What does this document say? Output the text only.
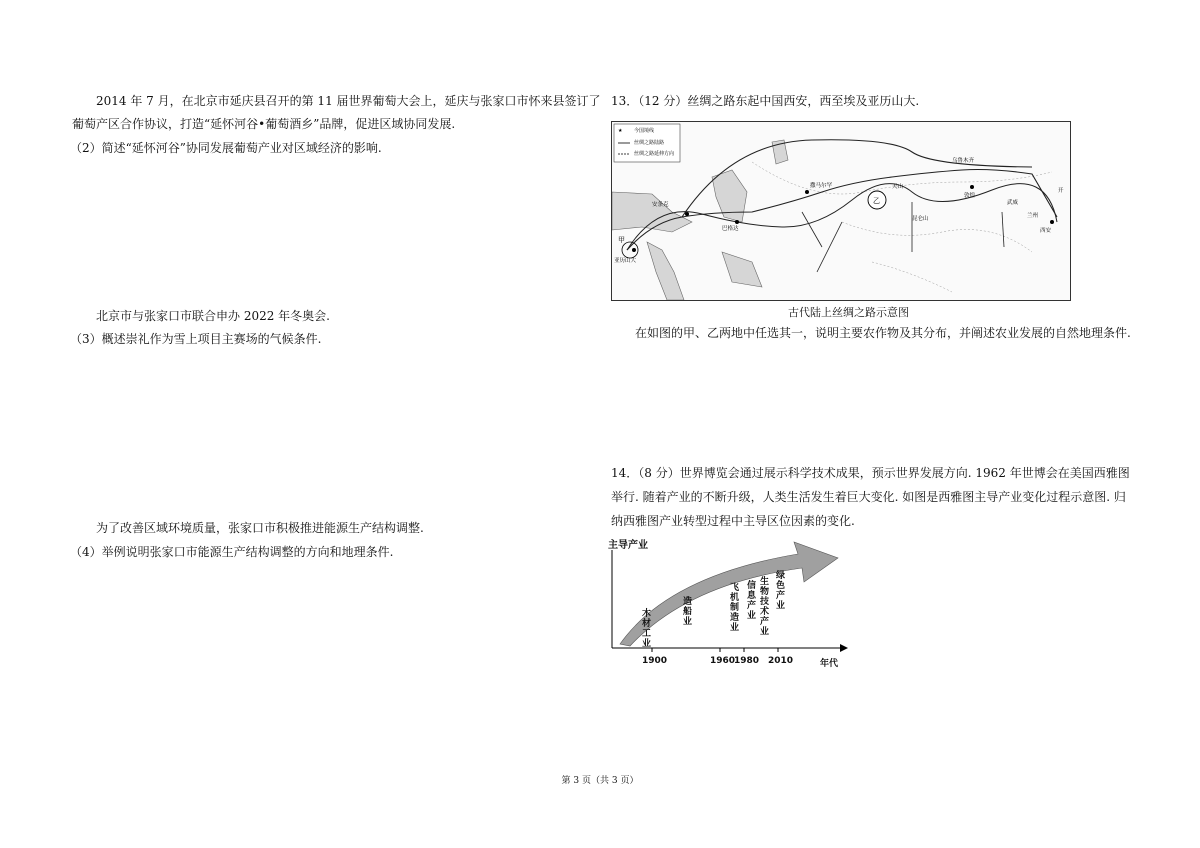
2014 年 7 月，在北京市延庆县召开的第 11 届世界葡萄大会上，延庆与张家口市怀来县签订了
葡萄产区合作协议，打造“延怀河谷•葡萄酒乡”品牌，促进区域协同发展.
（2）简述“延怀河谷”协同发展葡萄产业对区域经济的影响.
北京市与张家口市联合申办 2022 年冬奥会.
（3）概述崇礼作为雪上项目主赛场的气候条件.
为了改善区域环境质量，张家口市积极推进能源生产结构调整.
（4）举例说明张家口市能源生产结构调整的方向和地理条件.
13．（12 分）丝绸之路东起中国西安，西至埃及亚历山大.
★ 今国境线
丝绸之路陆路
丝绸之路延伸方向
甲
乙
西安
敦煌
撒马尔罕
巴格达
安条克
亚历山大
天山
乌鲁木齐
武威
开
昆仑山	兰州
古代陆上丝绸之路示意图
在如图的甲、乙两地中任选其一，说明主要农作物及其分布，并阐述农业发展的自然地理条件.
14．（8 分）世界博览会通过展示科学技术成果，预示世界发展方向. 1962 年世博会在美国西雅图
举行. 随着产业的不断升级，人类生活发生着巨大变化. 如图是西雅图主导产业变化过程示意图. 归
纳西雅图产业转型过程中主导区位因素的变化.
主导产业
年代
1900	1960
1980 2010
木材工业	造船业	飞机制造业 信息产业 生物技术产业 绿色产业
第 3 页（共 3 页）
